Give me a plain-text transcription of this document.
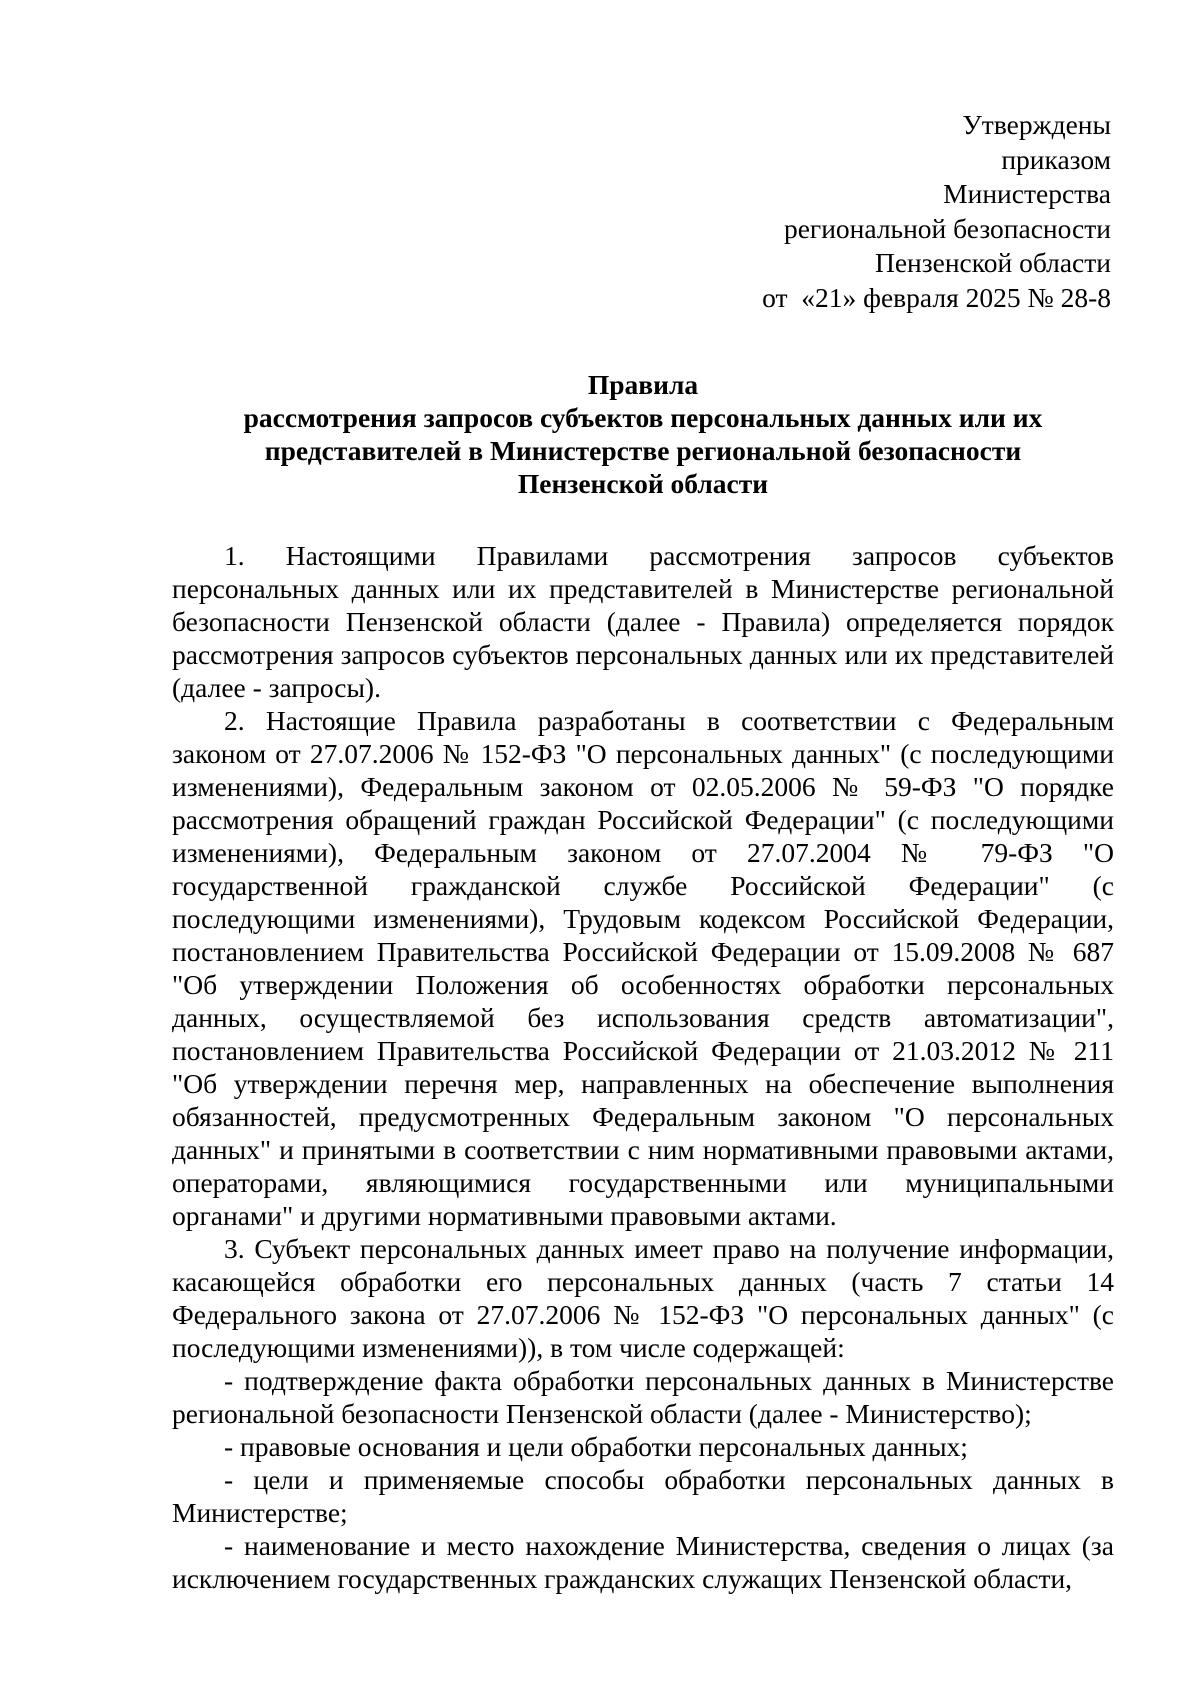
Утверждены
приказом
Министерства
региональной безопасности
Пензенской области
от  «21» февраля 2025 № 28-8
Правила
рассмотрения запросов субъектов персональных данных или их
представителей в Министерстве региональной безопасности
Пензенской области

1. Настоящими Правилами рассмотрения запросов субъектов персональных данных или их представителей в Министерстве региональной безопасности Пензенской области (далее - Правила) определяется порядок рассмотрения запросов субъектов персональных данных или их представителей (далее - запросы).

2. Настоящие Правила разработаны в соответствии с Федеральным законом от 27.07.2006 № 152-ФЗ "О персональных данных" (с последующими изменениями), Федеральным законом от 02.05.2006 № 59-ФЗ "О порядке рассмотрения обращений граждан Российской Федерации" (с последующими изменениями), Федеральным законом от 27.07.2004 № 79-ФЗ "О государственной гражданской службе Российской Федерации" (с последующими изменениями), Трудовым кодексом Российской Федерации, постановлением Правительства Российской Федерации от 15.09.2008 № 687 "Об утверждении Положения об особенностях обработки персональных данных, осуществляемой без использования средств автоматизации", постановлением Правительства Российской Федерации от 21.03.2012 № 211 "Об утверждении перечня мер, направленных на обеспечение выполнения обязанностей, предусмотренных Федеральным законом "О персональных данных" и принятыми в соответствии с ним нормативными правовыми актами, операторами, являющимися государственными или муниципальными органами" и другими нормативными правовыми актами.

3. Субъект персональных данных имеет право на получение информации, касающейся обработки его персональных данных (часть 7 статьи 14 Федерального закона от 27.07.2006 № 152-ФЗ "О персональных данных" (с последующими изменениями)), в том числе содержащей:

- подтверждение факта обработки персональных данных в Министерстве региональной безопасности Пензенской области (далее - Министерство);

- правовые основания и цели обработки персональных данных;

- цели и применяемые способы обработки персональных данных в Министерстве;

- наименование и место нахождение Министерства, сведения о лицах (за исключением государственных гражданских служащих Пензенской области,
